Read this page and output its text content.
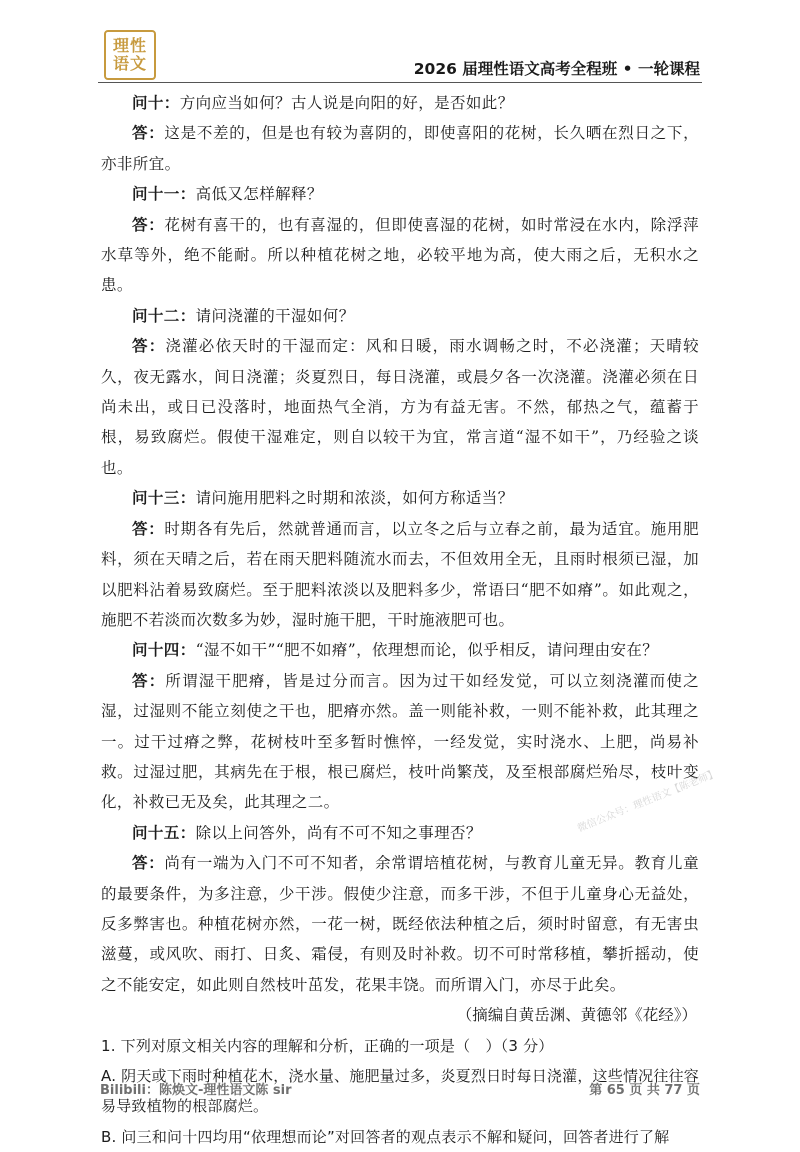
理性
语文	2026 届理性语文高考全程班 • 一轮课程

问十：方向应当如何？古人说是向阳的好，是否如此？

答：这是不差的，但是也有较为喜阴的，即使喜阳的花树，长久晒在烈日之下，亦非所宜。

问十一：高低又怎样解释？

答：花树有喜干的，也有喜湿的，但即使喜湿的花树，如时常浸在水内，除浮萍水草等外，绝不能耐。所以种植花树之地，必较平地为高，使大雨之后，无积水之患。

问十二：请问浇灌的干湿如何？

答：浇灌必依天时的干湿而定：风和日暖，雨水调畅之时，不必浇灌；天晴较久，夜无露水，间日浇灌；炎夏烈日，每日浇灌，或晨夕各一次浇灌。浇灌必须在日尚未出，或日已没落时，地面热气全消，方为有益无害。不然，郁热之气，蕴蓄于根，易致腐烂。假使干湿难定，则自以较干为宜，常言道“湿不如干”，乃经验之谈也。

问十三：请问施用肥料之时期和浓淡，如何方称适当？

答：时期各有先后，然就普通而言，以立冬之后与立春之前，最为适宜。施用肥料，须在天晴之后，若在雨天肥料随流水而去，不但效用全无，且雨时根须已湿，加以肥料沾着易致腐烂。至于肥料浓淡以及肥料多少，常语曰“肥不如瘠”。如此观之，施肥不若淡而次数多为妙，湿时施干肥，干时施液肥可也。

问十四：“湿不如干”“肥不如瘠”，依理想而论，似乎相反，请问理由安在？

答：所谓湿干肥瘠，皆是过分而言。因为过干如经发觉，可以立刻浇灌而使之湿，过湿则不能立刻使之干也，肥瘠亦然。盖一则能补救，一则不能补救，此其理之一。过干过瘠之弊，花树枝叶至多暂时憔悴，一经发觉，实时浇水、上肥，尚易补救。过湿过肥，其病先在于根，根已腐烂，枝叶尚繁茂，及至根部腐烂殆尽，枝叶变化，补救已无及矣，此其理之二。

问十五：除以上问答外，尚有不可不知之事理否？

答：尚有一端为入门不可不知者，余常谓培植花树，与教育儿童无异。教育儿童的最要条件，为多注意，少干涉。假使少注意，而多干涉，不但于儿童身心无益处，反多弊害也。种植花树亦然，一花一树，既经依法种植之后，须时时留意，有无害虫滋蔓，或风吹、雨打、日炙、霜侵，有则及时补救。切不可时常移植，攀折摇动，使之不能安定，如此则自然枝叶茁发，花果丰饶。而所谓入门，亦尽于此矣。

（摘编自黄岳渊、黄德邻《花经》）

1. 下列对原文相关内容的理解和分析，正确的一项是（　）（3 分）

A. 阴天或下雨时种植花木，浇水量、施肥量过多，炎夏烈日时每日浇灌，这些情况往往容易导致植物的根部腐烂。

B. 问三和问十四均用“依理想而论”对回答者的观点表示不解和疑问，回答者进行了解

微信公众号：理性语文【陈老师】
Bilibili：陈焕文-理性语文陈 sir	第 65 页 共 77 页
